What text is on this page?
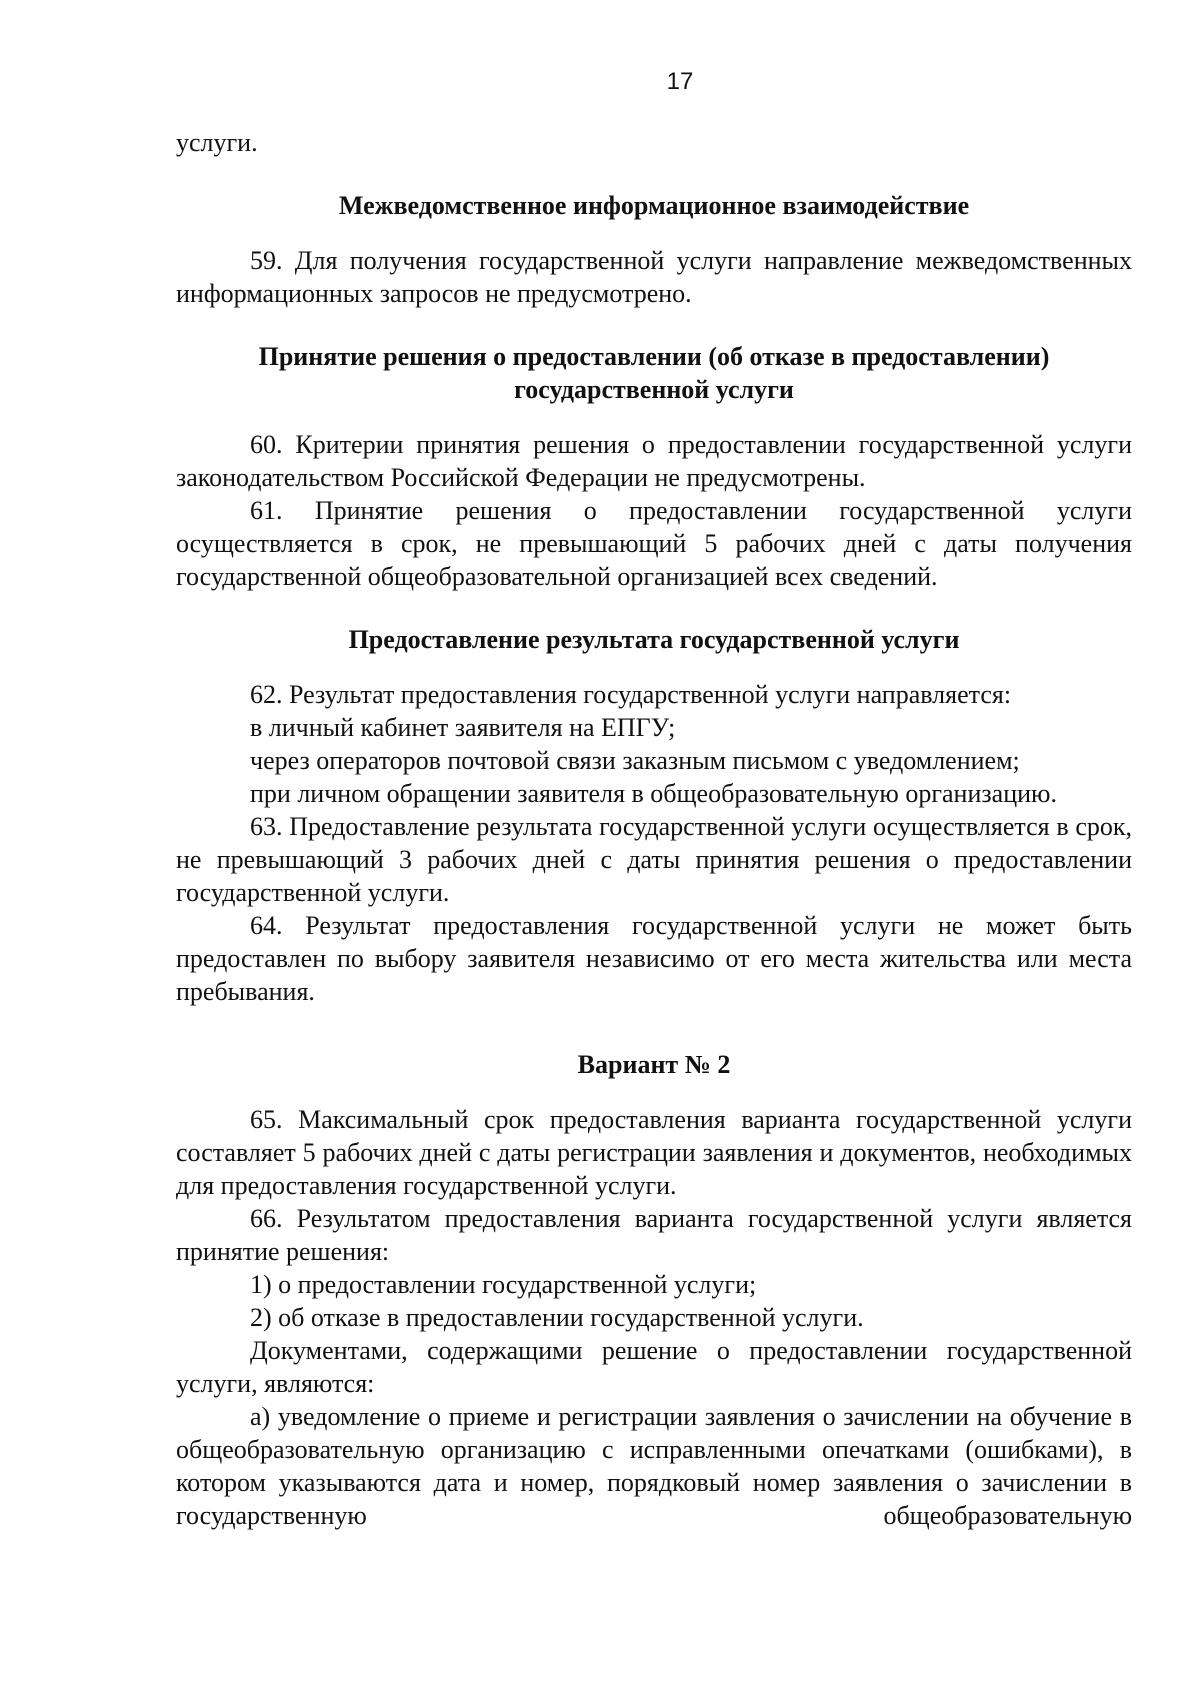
17

услуги.

Межведомственное информационное взаимодействие

59. Для получения государственной услуги направление межведомственных информационных запросов не предусмотрено.

Принятие решения о предоставлении (об отказе в предоставлении)
государственной услуги

60. Критерии принятия решения о предоставлении государственной услуги законодательством Российской Федерации не предусмотрены.

61. Принятие решения о предоставлении государственной услуги осуществляется в срок, не превышающий 5 рабочих дней с даты получения государственной общеобразовательной организацией всех сведений.

Предоставление результата государственной услуги

62. Результат предоставления государственной услуги направляется:

в личный кабинет заявителя на ЕПГУ;

через операторов почтовой связи заказным письмом с уведомлением;

при личном обращении заявителя в общеобразовательную организацию.

63. Предоставление результата государственной услуги осуществляется в срок, не превышающий 3 рабочих дней с даты принятия решения о предоставлении государственной услуги.

64. Результат предоставления государственной услуги не может быть предоставлен по выбору заявителя независимо от его места жительства или места пребывания.

Вариант № 2

65. Максимальный срок предоставления варианта государственной услуги составляет 5 рабочих дней с даты регистрации заявления и документов, необходимых для предоставления государственной услуги.

66. Результатом предоставления варианта государственной услуги является принятие решения:

1) о предоставлении государственной услуги;

2) об отказе в предоставлении государственной услуги.

Документами, содержащими решение о предоставлении государственной услуги, являются:

а) уведомление о приеме и регистрации заявления о зачислении на обучение в общеобразовательную организацию с исправленными опечатками (ошибками), в котором указываются дата и номер, порядковый номер заявления о зачислении в государственную общеобразовательную
